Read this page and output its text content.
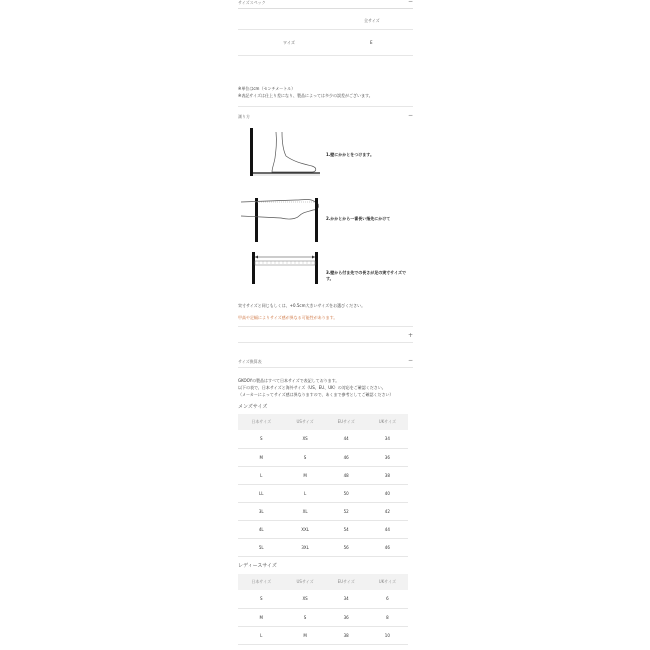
サイズスペック	−
全サイズ
ワイズ	E
※単位はcm（センチメートル）
※表記サイズは仕上り差になり、製品によっては多少の誤差がございます。
測り方	−
1.壁にかかとをつけます。
2.かかとから一番長い指先にかけて
3.壁から付ま先での長さが足の実寸サイズです。
実寸サイズと同じもしくは、+0.5cm大きいサイズをお選びください。
甲高や足幅によりサイズ感が異なる可能性があります。
+
サイズ換算表	−
GKOOYの製品はすべて日本サイズで表記しております。
以下の表で、日本サイズと海外サイズ（US、EU、UK）の対応をご確認ください。
（メーカーによってサイズ感は異なりますので、あくまで参考としてご確認ください）
メンズサイズ
日本サイズ	USサイズ	EUサイズ	UKサイズ
S	XS	44	34
M	S	46	36
L	M	48	38
LL	L	50	40
3L	XL	52	42
4L	XXL	54	44
5L	3XL	56	46
レディースサイズ
日本サイズ	USサイズ	EUサイズ	UKサイズ
S	XS	34	6
M	S	36	8
L	M	38	10
